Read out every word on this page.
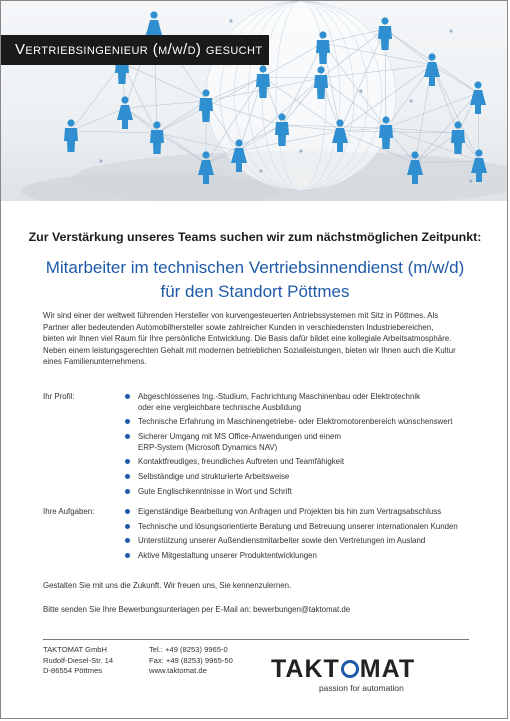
Vertriebsingenieur (m/w/d) gesucht
Zur Verstärkung unseres Teams suchen wir zum nächstmöglichen Zeitpunkt:
Mitarbeiter im technischen Vertriebsinnendienst (m/w/d)
für den Standort Pöttmes
Wir sind einer der weltweit führenden Hersteller von kurvengesteuerten Antriebssystemen mit Sitz in Pöttmes. Als
Partner aller bedeutenden Automobilhersteller sowie zahlreicher Kunden in verschiedensten Industriebereichen,
bieten wir Ihnen viel Raum für Ihre persönliche Entwicklung. Die Basis dafür bildet eine kollegiale Arbeitsatmosphäre.
Neben einem leistungsgerechten Gehalt mit modernen betrieblichen Sozialleistungen, bieten wir Ihnen auch die Kultur
eines Familienunternehmens.
Ihr Profil:	Abgeschlossenes Ing.-Studium, Fachrichtung Maschinenbau oder Elektrotechnik
oder eine vergleichbare technische Ausbildung
Technische Erfahrung im Maschinengetriebe- oder Elektromotorenbereich wünschenswert
Sicherer Umgang mit MS Office-Anwendungen und einem
ERP-System (Microsoft Dynamics NAV)
Kontaktfreudiges, freundliches Auftreten und Teamfähigkeit
Selbständige und strukturierte Arbeitsweise
Gute Englischkenntnisse in Wort und Schrift
Ihre Aufgaben:	Eigenständige Bearbeitung von Anfragen und Projekten bis hin zum Vertragsabschluss
Technische und lösungsorientierte Beratung und Betreuung unserer internationalen Kunden
Unterstützung unserer Außendienstmitarbeiter sowie den Vertretungen im Ausland
Aktive Mitgestaltung unserer Produktentwicklungen
Gestalten Sie mit uns die Zukunft. Wir freuen uns, Sie kennenzulernen.
Bitte senden Sie Ihre Bewerbungsunterlagen per E-Mail an: bewerbungen@taktomat.de
TAKTOMAT GmbH
Rudolf-Diesel-Str. 14
D-86554 Pöttmes
Tel.: +49 (8253) 9965-0
Fax: +49 (8253) 9965-50
www.taktomat.de	TAKT MAT
passion for automation
